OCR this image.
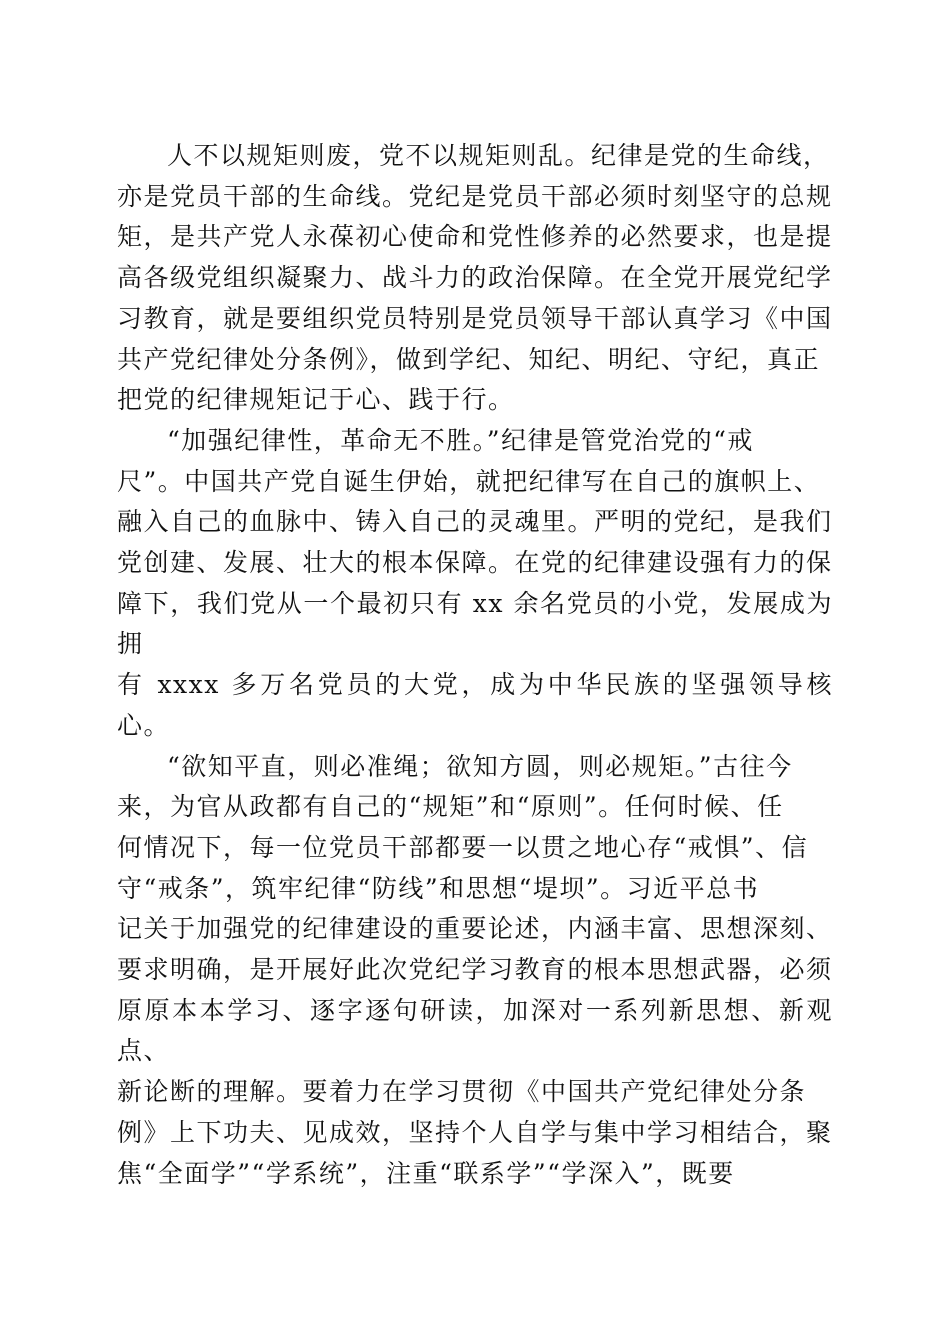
人不以规矩则废，党不以规矩则乱。纪律是党的生命线，
亦是党员干部的生命线。党纪是党员干部必须时刻坚守的总规
矩，是共产党人永葆初心使命和党性修养的必然要求，也是提
高各级党组织凝聚力、战斗力的政治保障。在全党开展党纪学
习教育，就是要组织党员特别是党员领导干部认真学习《中国
共产党纪律处分条例》，做到学纪、知纪、明纪、守纪，真正
把党的纪律规矩记于心、践于行。

“加强纪律性，革命无不胜。”纪律是管党治党的“戒
尺”。中国共产党自诞生伊始，就把纪律写在自己的旗帜上、
融入自己的血脉中、铸入自己的灵魂里。严明的党纪，是我们
党创建、发展、壮大的根本保障。在党的纪律建设强有力的保
障下，我们党从一个最初只有 xx 余名党员的小党，发展成为拥
有 xxxx 多万名党员的大党，成为中华民族的坚强领导核心。

“欲知平直，则必准绳；欲知方圆，则必规矩。”古往今
来，为官从政都有自己的“规矩”和“原则”。任何时候、任
何情况下，每一位党员干部都要一以贯之地心存“戒惧”、信
守“戒条”，筑牢纪律“防线”和思想“堤坝”。习近平总书
记关于加强党的纪律建设的重要论述，内涵丰富、思想深刻、
要求明确，是开展好此次党纪学习教育的根本思想武器，必须
原原本本学习、逐字逐句研读，加深对一系列新思想、新观点、
新论断的理解。要着力在学习贯彻《中国共产党纪律处分条
例》上下功夫、见成效，坚持个人自学与集中学习相结合，聚
焦“全面学”“学系统”，注重“联系学”“学深入”，既要
